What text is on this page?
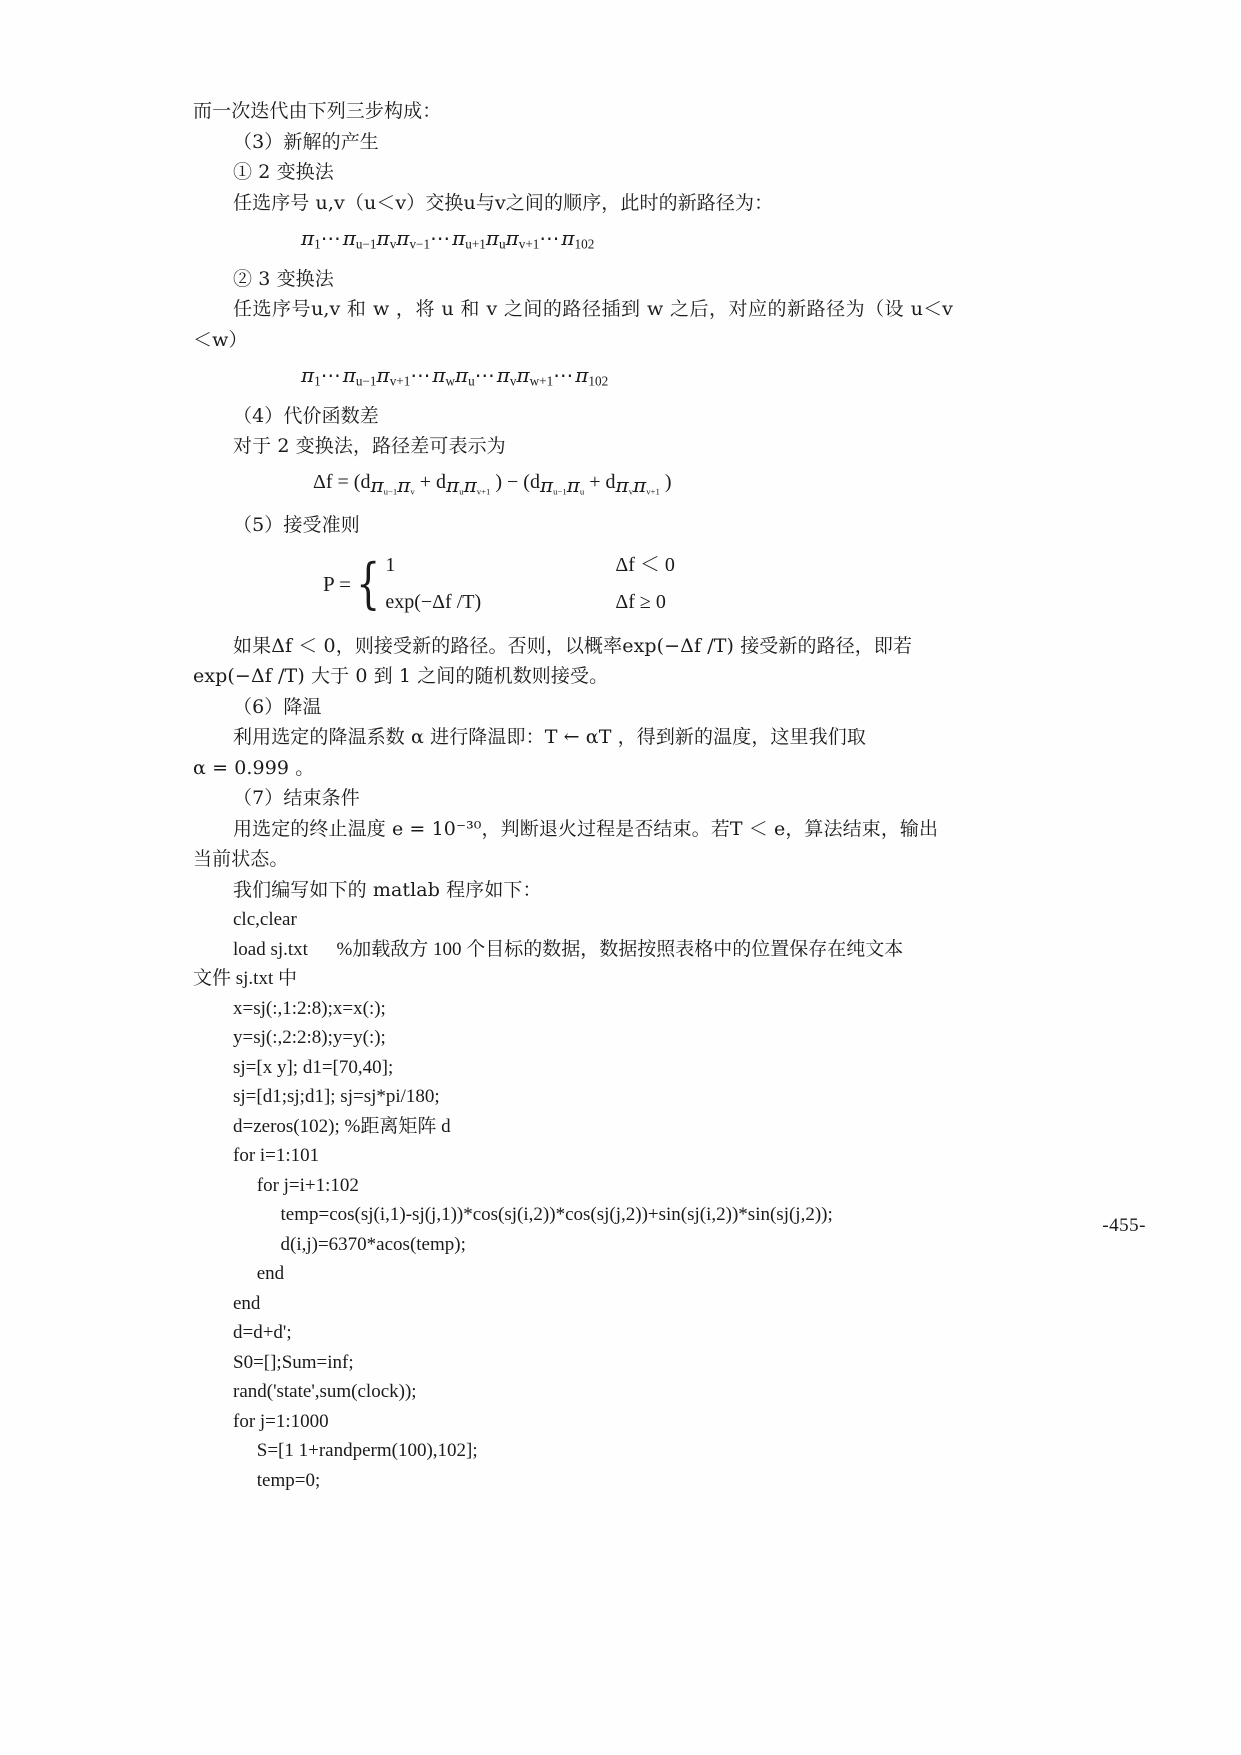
而一次迭代由下列三步构成：
（3）新解的产生
① 2 变换法
任选序号 u,v（u＜v）交换u与v之间的顺序，此时的新路径为：
$\pi_1\cdots\pi_{u-1}\pi_v\pi_{v-1}\cdots\pi_{u+1}\pi_u\pi_{v+1}\cdots\pi_{102}$
② 3 变换法
任选序号u,v 和 w ，将 u 和 v 之间的路径插到 w 之后，对应的新路径为（设 u＜v＜w）
$\pi_1\cdots\pi_{u-1}\pi_{v+1}\cdots\pi_w\pi_u\cdots\pi_v\pi_{w+1}\cdots\pi_{102}$
（4）代价函数差
对于 2 变换法，路径差可表示为
$\Delta f = (d_{\pi_{u-1}\pi_v} + d_{\pi_u\pi_{v+1}}$ ) − ($d_{\pi_{u-1}\pi_u} + d_{\pi_v\pi_{v+1}}$ )
（5）接受准则
P ={ 1	Δf ＜ 0
exp(−Δf /T)	Δf ≥ 0
如果Δf ＜ 0，则接受新的路径。否则，以概率exp(−Δf /T) 接受新的路径，即若
exp(−Δf /T) 大于 0 到 1 之间的随机数则接受。
（6）降温
利用选定的降温系数 α 进行降温即：T ← αT ，得到新的温度，这里我们取
α = 0.999 。
（7）结束条件
用选定的终止温度 e = 10⁻³⁰，判断退火过程是否结束。若T ＜ e，算法结束，输出
当前状态。
我们编写如下的 matlab 程序如下：
clc,clear
load sj.txt      %加载敌方 100 个目标的数据，数据按照表格中的位置保存在纯文本
文件 sj.txt 中
x=sj(:,1:2:8);x=x(:);
y=sj(:,2:2:8);y=y(:);
sj=[x y]; d1=[70,40];
sj=[d1;sj;d1]; sj=sj*pi/180;
d=zeros(102); %距离矩阵 d
for i=1:101
for j=i+1:102
temp=cos(sj(i,1)-sj(j,1))*cos(sj(i,2))*cos(sj(j,2))+sin(sj(i,2))*sin(sj(j,2));
d(i,j)=6370*acos(temp);
end
end
d=d+d';
S0=[];Sum=inf;
rand('state',sum(clock));
for j=1:1000
S=[1 1+randperm(100),102];
temp=0;
-455-
